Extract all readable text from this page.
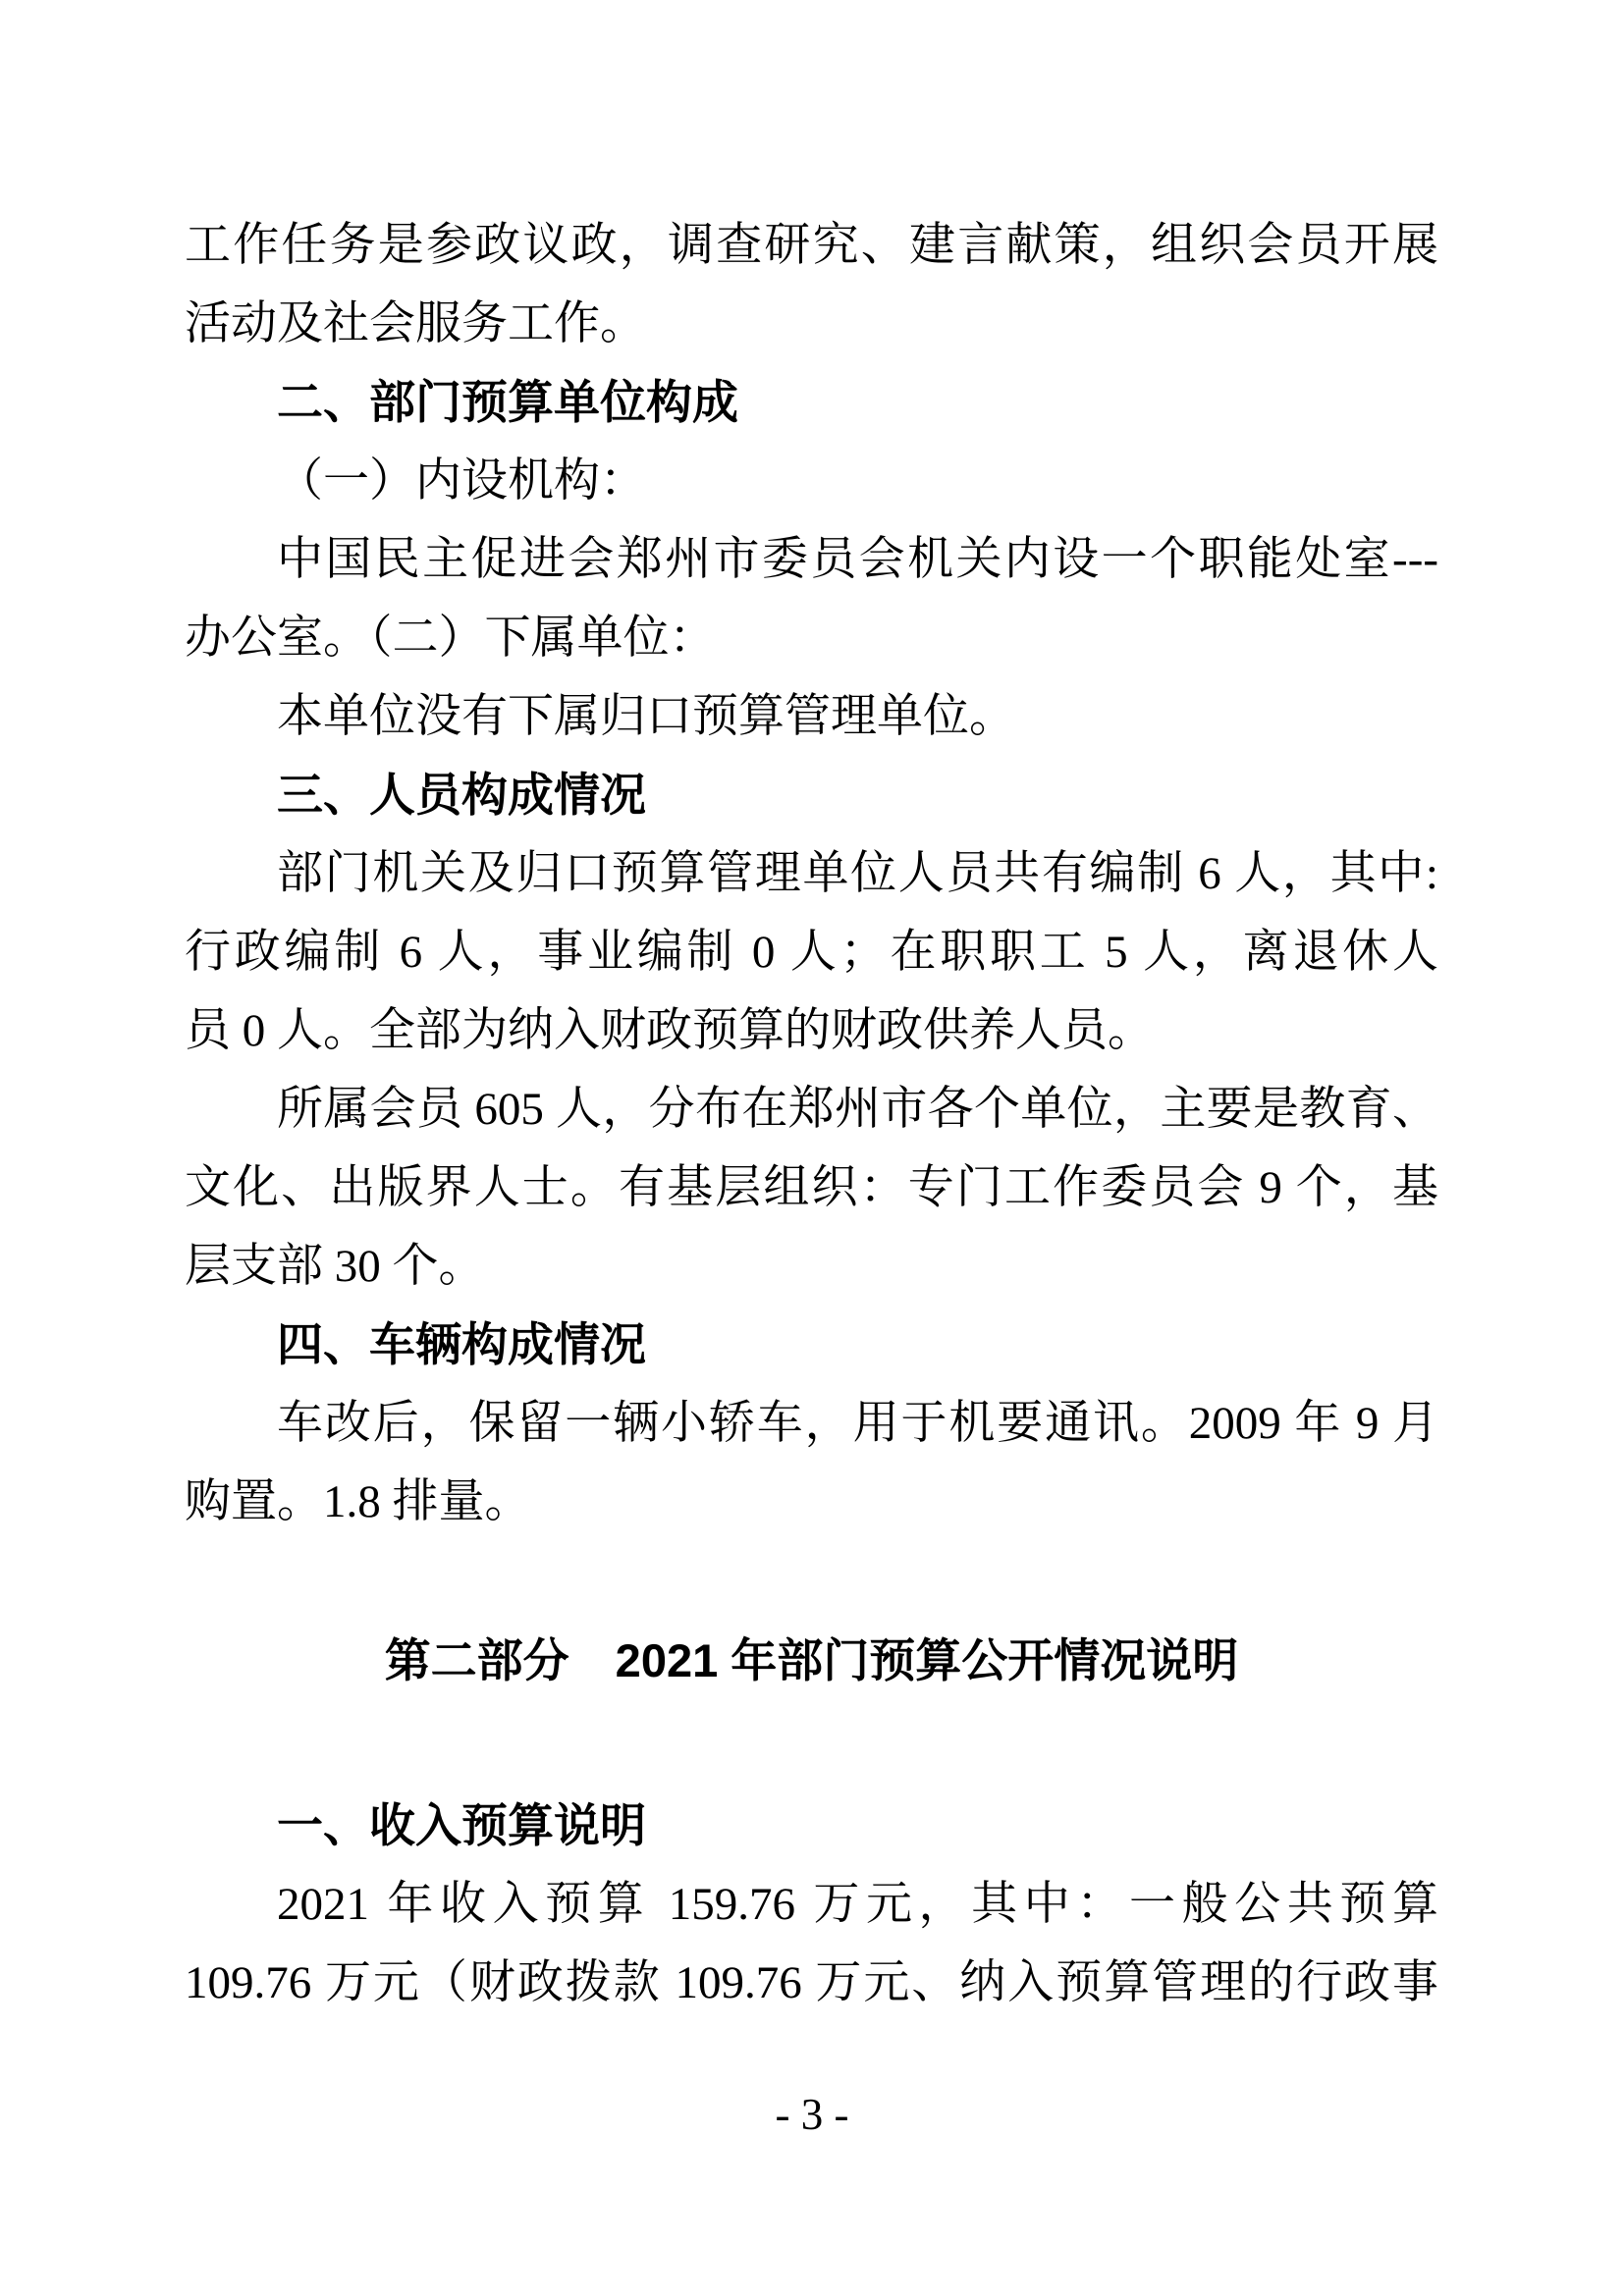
工作任务是参政议政，调查研究、建言献策，组织会员开展
活动及社会服务工作。
二、部门预算单位构成
（一）内设机构：
中国民主促进会郑州市委员会机关内设一个职能处室---
办公室。（二）下属单位：
本单位没有下属归口预算管理单位。
三、人员构成情况
部门机关及归口预算管理单位人员共有编制 6 人，其中:
行政编制 6 人，事业编制 0 人；在职职工 5 人，离退休人
员 0 人。全部为纳入财政预算的财政供养人员。
所属会员 605 人，分布在郑州市各个单位，主要是教育、
文化、出版界人士。有基层组织：专门工作委员会 9 个，基
层支部 30 个。
四、车辆构成情况
车改后，保留一辆小轿车，用于机要通讯。2009 年 9 月
购置。1.8 排量。
第二部分　2021 年部门预算公开情况说明
一、收入预算说明
2021 年收入预算 159.76 万元，其中：一般公共预算
109.76 万元（财政拨款 109.76 万元、纳入预算管理的行政事
- 3 -
